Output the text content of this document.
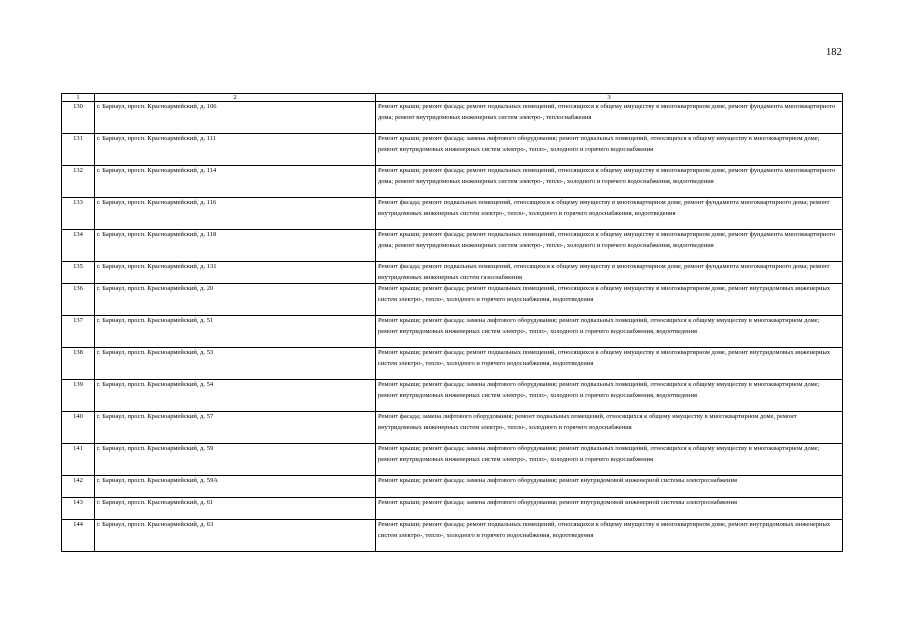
182
1	2	3
130	г. Барнаул, просп. Красноармейский, д. 106	Ремонт крыши; ремонт фасада; ремонт подвальных помещений, относящихся к общему имуществу в многоквартирном доме, ремонт фундамента многоквартирного дома; ремонт внутридомовых инженерных систем электро-, теплоснабжения
131	г. Барнаул, просп. Красноармейский, д. 111	Ремонт крыши; ремонт фасада; замена лифтового оборудования; ремонт подвальных помещений, относящихся к общему имуществу в многоквартирном доме; ремонт внутридомовых инженерных систем электро-, тепло-, холодного и горячего водоснабжения
132	г. Барнаул, просп. Красноармейский, д. 114	Ремонт крыши; ремонт фасада; ремонт подвальных помещений, относящихся к общему имуществу в многоквартирном доме, ремонт фундамента многоквартирного дома; ремонт внутридомовых инженерных систем электро-, тепло-, холодного и горячего водоснабжения, водоотведения
133	г. Барнаул, просп. Красноармейский, д. 116	Ремонт фасада; ремонт подвальных помещений, относящихся к общему имуществу в многоквартирном доме, ремонт фундамента многоквартирного дома; ремонт внутридомовых инженерных систем электро-, тепло-, холодного и горячего водоснабжения, водоотведения
134	г. Барнаул, просп. Красноармейский, д. 118	Ремонт крыши; ремонт фасада; ремонт подвальных помещений, относящихся к общему имуществу в многоквартирном доме, ремонт фундамента многоквартирного дома; ремонт внутридомовых инженерных систем электро-, тепло-, холодного и горячего водоснабжения, водоотведения
135	г. Барнаул, просп. Красноармейский, д. 131	Ремонт фасада; ремонт подвальных помещений, относящихся к общему имуществу в многоквартирном доме, ремонт фундамента многоквартирного дома; ремонт внутридомовых инженерных систем газоснабжения
136	г. Барнаул, просп. Красноармейский, д. 20	Ремонт крыши; ремонт фасада; ремонт подвальных помещений, относящихся к общему имуществу в многоквартирном доме, ремонт внутридомовых инженерных систем электро-, тепло-, холодного и горячего водоснабжения, водоотведения
137	г. Барнаул, просп. Красноармейский, д. 51	Ремонт крыши; ремонт фасада; замена лифтового оборудования; ремонт подвальных помещений, относящихся к общему имуществу в многоквартирном доме; ремонт внутридомовых инженерных систем электро-, тепло-, холодного и горячего водоснабжения, водоотведения
138	г. Барнаул, просп. Красноармейский, д. 53	Ремонт крыши; ремонт фасада; ремонт подвальных помещений, относящихся к общему имуществу в многоквартирном доме, ремонт внутридомовых инженерных систем электро-, тепло-, холодного и горячего водоснабжения, водоотведения
139	г. Барнаул, просп. Красноармейский, д. 54	Ремонт крыши; ремонт фасада; замена лифтового оборудования; ремонт подвальных помещений, относящихся к общему имуществу в многоквартирном доме; ремонт внутридомовых инженерных систем электро-, тепло-, холодного и горячего водоснабжения, водоотведения
140	г. Барнаул, просп. Красноармейский, д. 57	Ремонт фасада; замена лифтового оборудования; ремонт подвальных помещений, относящихся к общему имуществу в многоквартирном доме, ремонт внутридомовых инженерных систем электро-, тепло-, холодного и горячего водоснабжения
141	г. Барнаул, просп. Красноармейский, д. 59	Ремонт крыши; ремонт фасада; замена лифтового оборудования; ремонт подвальных помещений, относящихся к общему имуществу в многоквартирном доме; ремонт внутридомовых инженерных систем электро-, тепло-, холодного и горячего водоснабжения
142	г. Барнаул, просп. Красноармейский, д. 59А	Ремонт крыши; ремонт фасада; замена лифтового оборудования; ремонт внутридомовой инженерной системы электроснабжения
143	г. Барнаул, просп. Красноармейский, д. 61	Ремонт крыши; ремонт фасада; замена лифтового оборудования; ремонт внутридомовой инженерной системы электроснабжения
144	г. Барнаул, просп. Красноармейский, д. 63	Ремонт крыши; ремонт фасада; ремонт подвальных помещений, относящихся к общему имуществу в многоквартирном доме, ремонт внутридомовых инженерных систем электро-, тепло-, холодного и горячего водоснабжения, водоотведения
